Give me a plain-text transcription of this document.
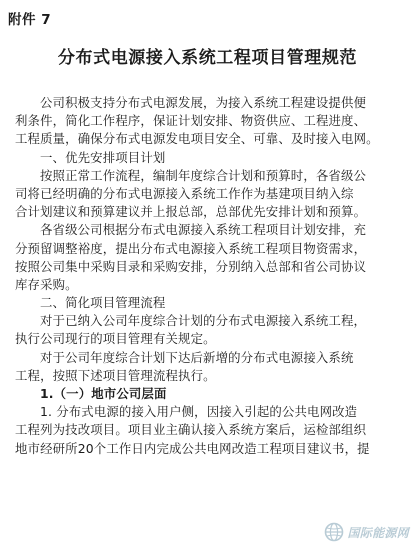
附件 7
分布式电源接入系统工程项目管理规范
公司积极支持分布式电源发展，为接入系统工程建设提供便
利条件，简化工作程序，保证计划安排、物资供应、工程进度、
工程质量，确保分布式电源发电项目安全、可靠、及时接入电网。
一、优先安排项目计划
按照正常工作流程，编制年度综合计划和预算时，各省级公
司将已经明确的分布式电源接入系统工作作为基建项目纳入综
合计划建议和预算建议并上报总部，总部优先安排计划和预算。
各省级公司根据分布式电源接入系统工程项目计划安排，充
分预留调整裕度，提出分布式电源接入系统工程项目物资需求，
按照公司集中采购目录和采购安排，分别纳入总部和省公司协议
库存采购。
二、简化项目管理流程
对于已纳入公司年度综合计划的分布式电源接入系统工程，
执行公司现行的项目管理有关规定。
对于公司年度综合计划下达后新增的分布式电源接入系统
工程，按照下述项目管理流程执行。
1.（一）地市公司层面
1. 分布式电源的接入用户侧，因接入引起的公共电网改造
工程列为技改项目。项目业主确认接入系统方案后，运检部组织
地市经研所20个工作日内完成公共电网改造工程项目建议书，提
国际能源网
